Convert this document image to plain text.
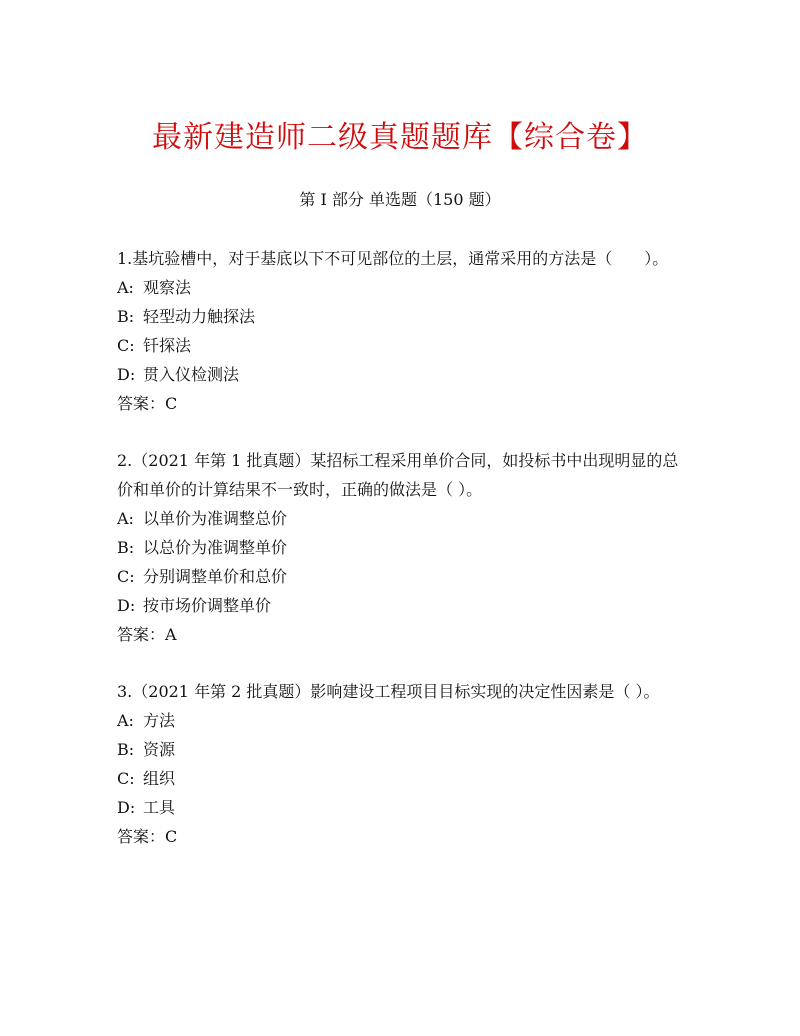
最新建造师二级真题题库【综合卷】
第 I 部分 单选题（150 题）

1.基坑验槽中，对于基底以下不可见部位的土层，通常采用的方法是（　　）。

A: 观察法
B: 轻型动力触探法
C: 钎探法
D: 贯入仪检测法
答案：C

2.（2021 年第 1 批真题）某招标工程采用单价合同，如投标书中出现明显的总价和单价的计算结果不一致时，正确的做法是（ ）。

A: 以单价为准调整总价
B: 以总价为准调整单价
C: 分别调整单价和总价
D: 按市场价调整单价
答案：A

3.（2021 年第 2 批真题）影响建设工程项目目标实现的决定性因素是（ ）。

A: 方法
B: 资源
C: 组织
D: 工具
答案：C
